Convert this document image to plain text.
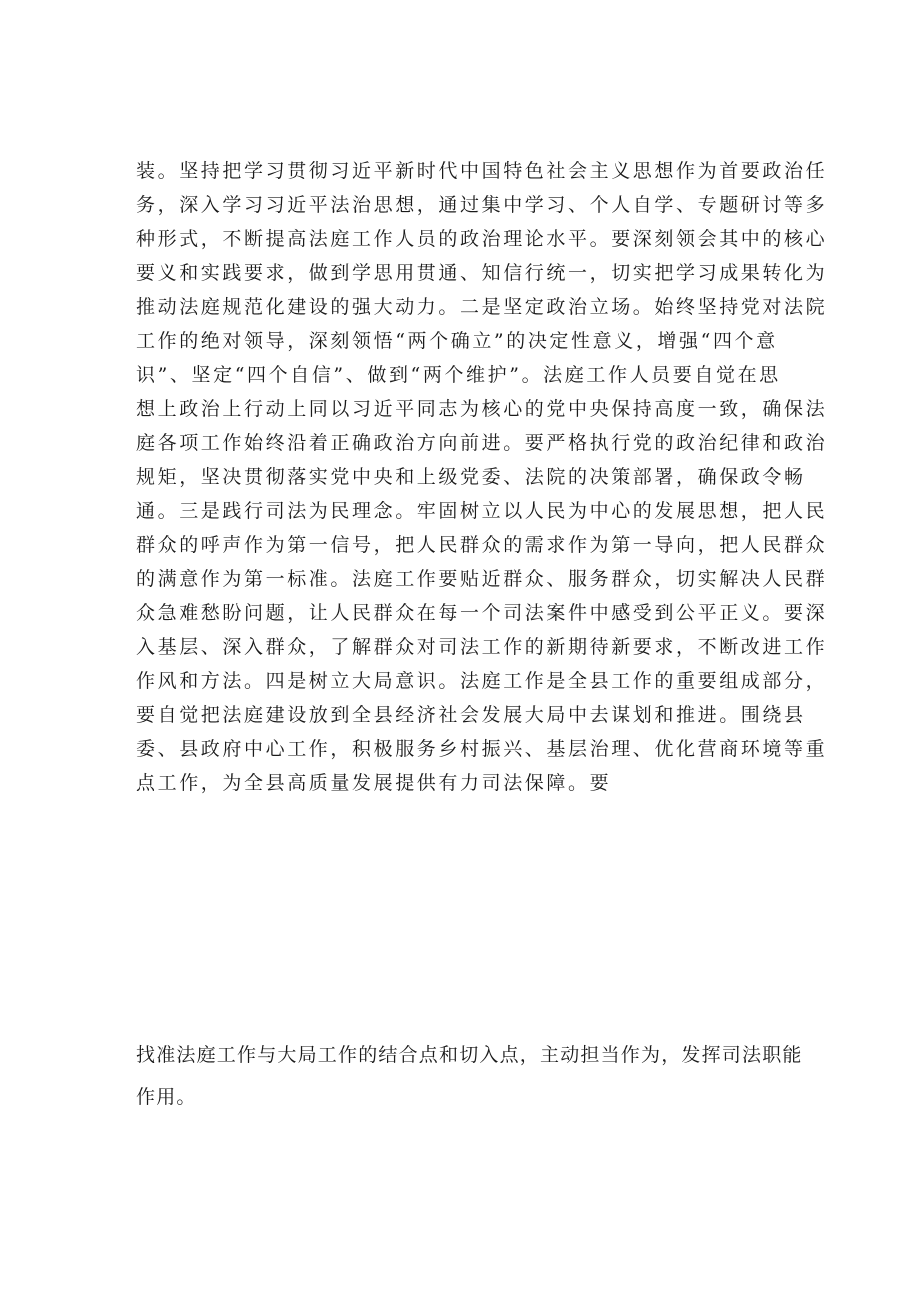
装。坚持把学习贯彻习近平新时代中国特色社会主义思想作为首要政治任
务，深入学习习近平法治思想，通过集中学习、个人自学、专题研讨等多
种形式，不断提高法庭工作人员的政治理论水平。要深刻领会其中的核心
要义和实践要求，做到学思用贯通、知信行统一，切实把学习成果转化为
推动法庭规范化建设的强大动力。二是坚定政治立场。始终坚持党对法院
工作的绝对领导，深刻领悟“两个确立”的决定性意义，增强“四个意
识”、坚定“四个自信”、做到“两个维护”。法庭工作人员要自觉在思
想上政治上行动上同以习近平同志为核心的党中央保持高度一致，确保法
庭各项工作始终沿着正确政治方向前进。要严格执行党的政治纪律和政治
规矩，坚决贯彻落实党中央和上级党委、法院的决策部署，确保政令畅
通。三是践行司法为民理念。牢固树立以人民为中心的发展思想，把人民
群众的呼声作为第一信号，把人民群众的需求作为第一导向，把人民群众
的满意作为第一标准。法庭工作要贴近群众、服务群众，切实解决人民群
众急难愁盼问题，让人民群众在每一个司法案件中感受到公平正义。要深
入基层、深入群众，了解群众对司法工作的新期待新要求，不断改进工作
作风和方法。四是树立大局意识。法庭工作是全县工作的重要组成部分，
要自觉把法庭建设放到全县经济社会发展大局中去谋划和推进。围绕县
委、县政府中心工作，积极服务乡村振兴、基层治理、优化营商环境等重
点工作，为全县高质量发展提供有力司法保障。要
找准法庭工作与大局工作的结合点和切入点，主动担当作为，发挥司法职能
作用。
